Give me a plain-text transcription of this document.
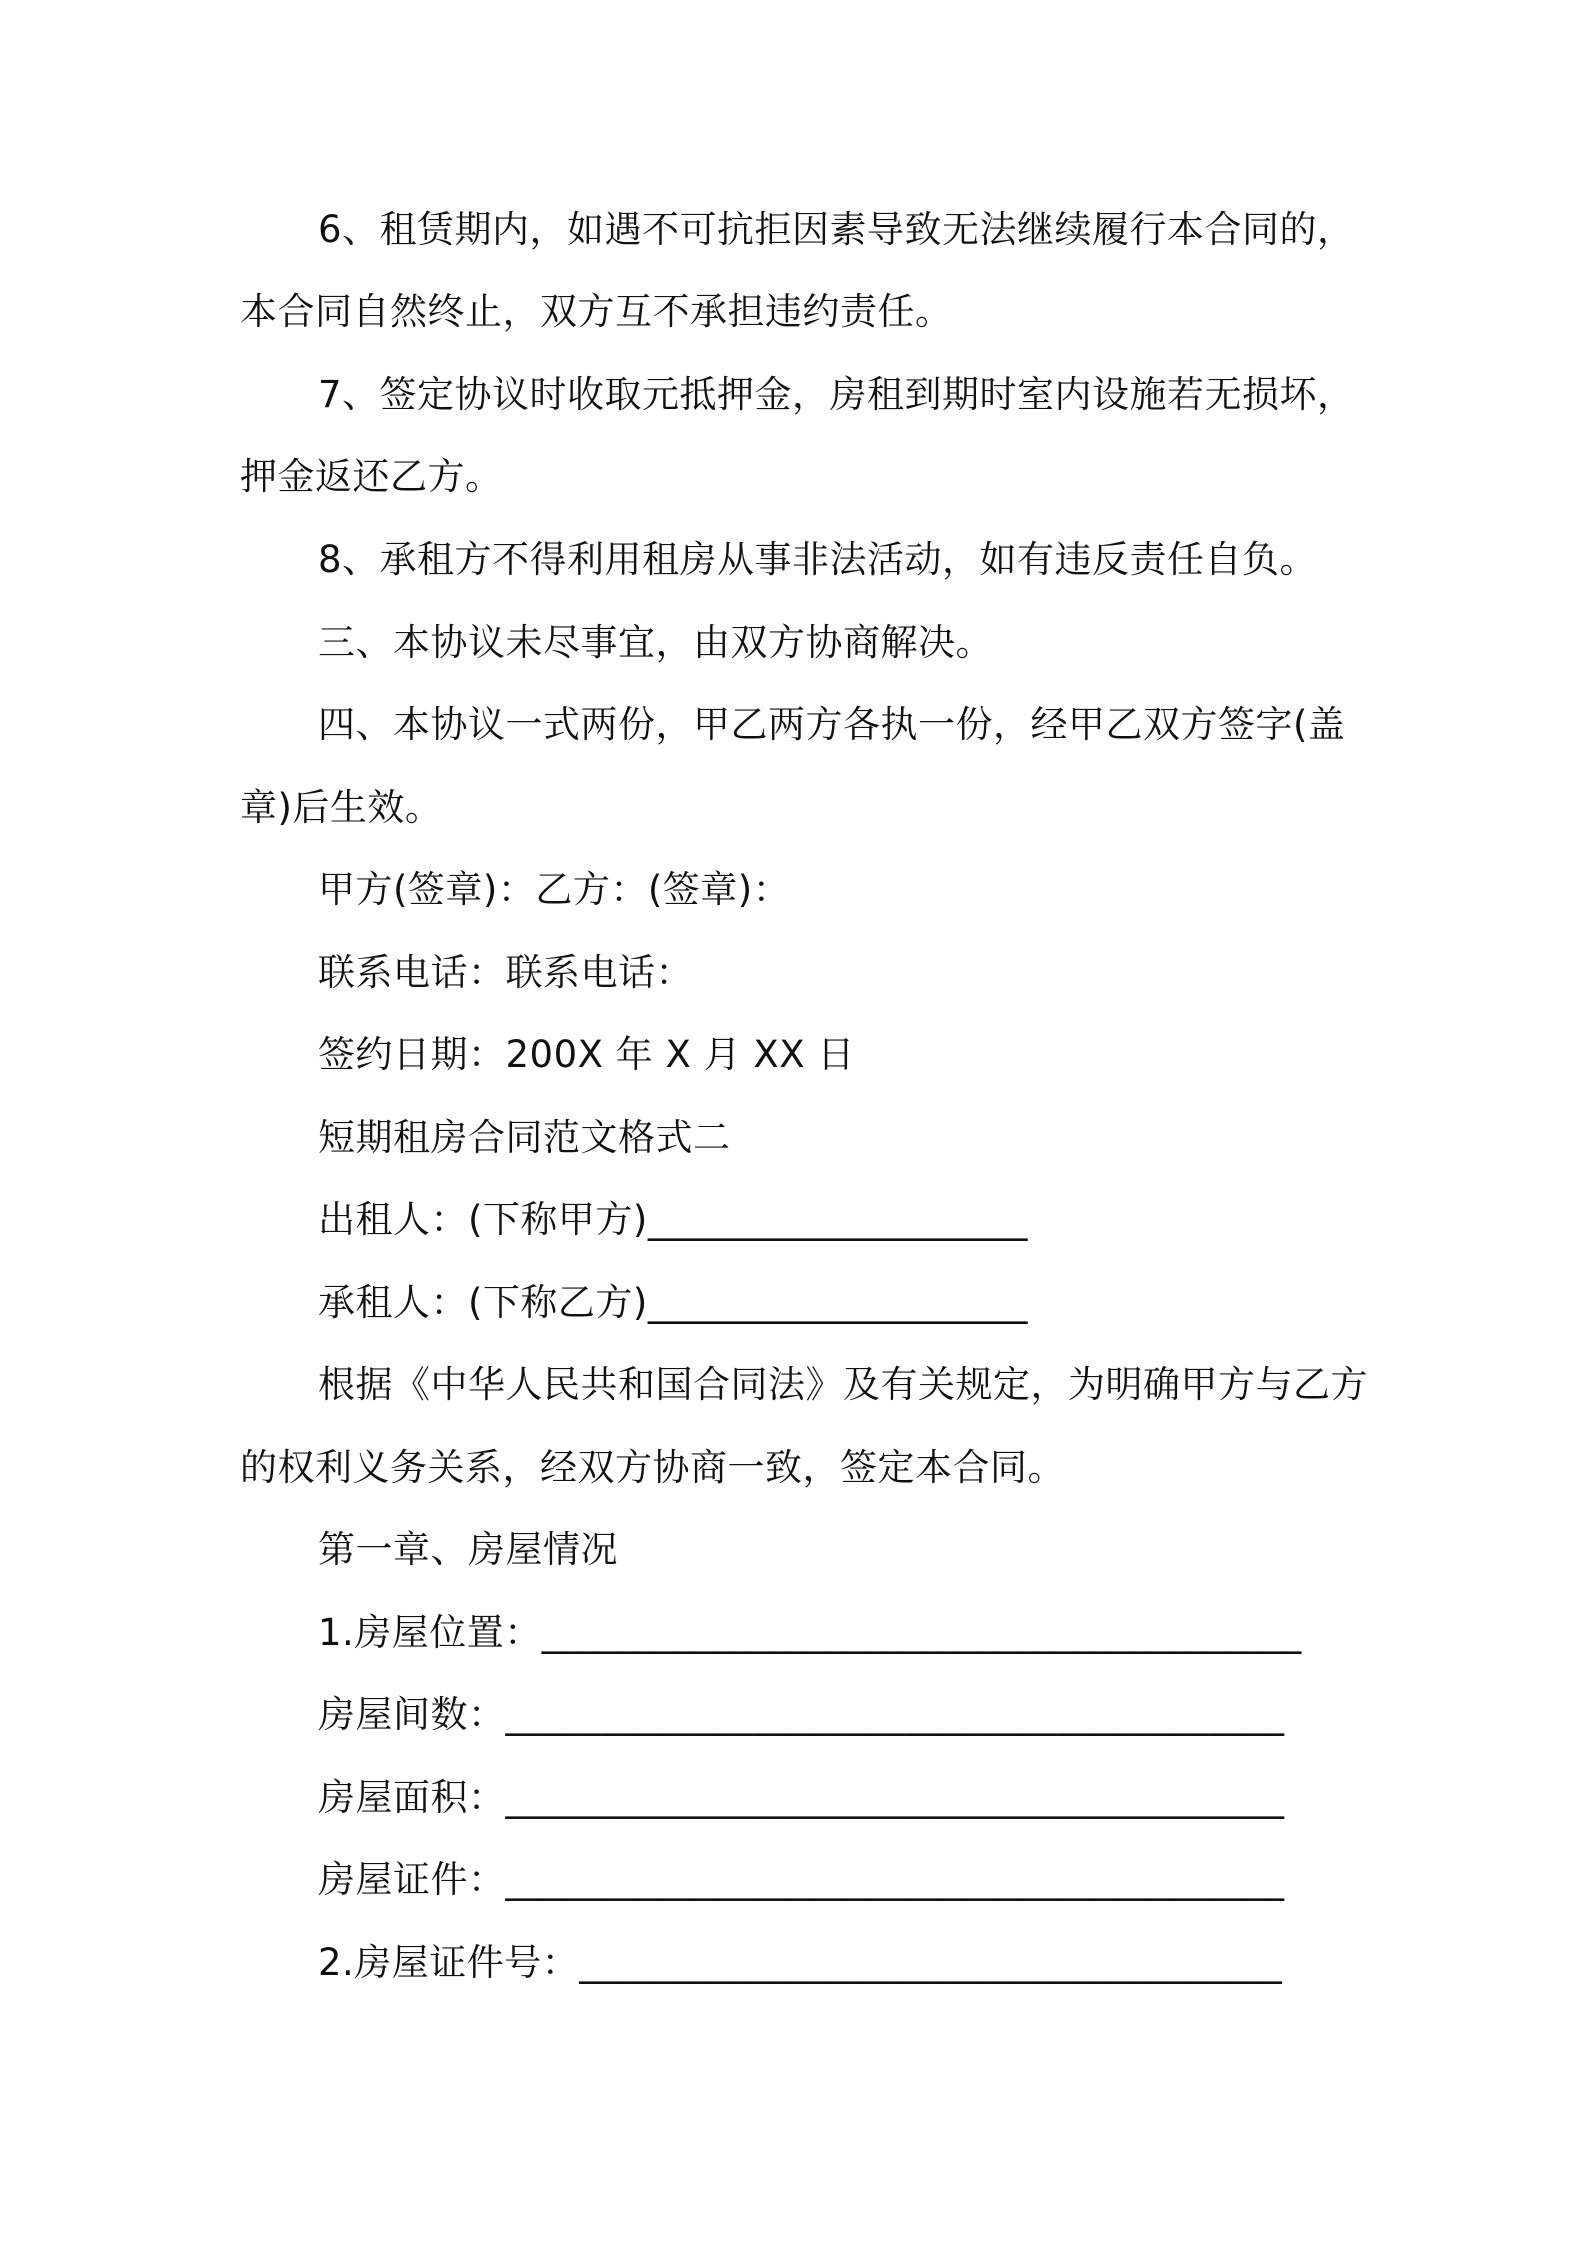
6、租赁期内，如遇不可抗拒因素导致无法继续履行本合同的，
本合同自然终止，双方互不承担违约责任。
7、签定协议时收取元抵押金，房租到期时室内设施若无损坏，
押金返还乙方。
8、承租方不得利用租房从事非法活动，如有违反责任自负。
三、本协议未尽事宜，由双方协商解决。
四、本协议一式两份，甲乙两方各执一份，经甲乙双方签字(盖
章)后生效。
甲方(签章)：乙方：(签章)：
联系电话：联系电话：
签约日期：200X 年 X 月 XX 日
短期租房合同范文格式二
出租人：(下称甲方)____________________
承租人：(下称乙方)____________________
根据《中华人民共和国合同法》及有关规定，为明确甲方与乙方
的权利义务关系，经双方协商一致，签定本合同。
第一章、房屋情况
1.房屋位置：________________________________________
房屋间数：_________________________________________
房屋面积：_________________________________________
房屋证件：_________________________________________
2.房屋证件号：_____________________________________
